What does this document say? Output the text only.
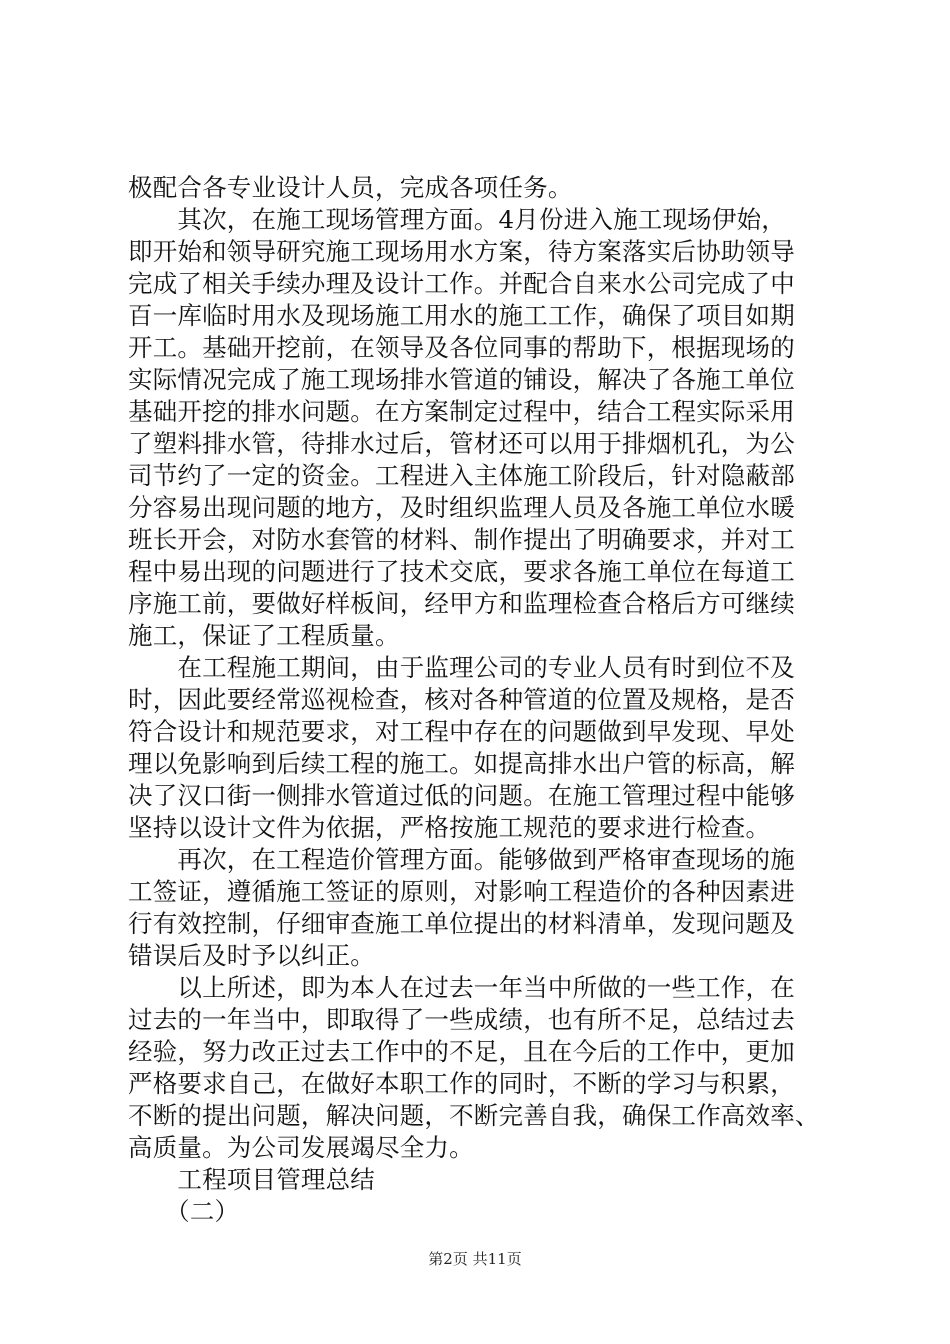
极配合各专业设计人员，完成各项任务。
　　其次，在施工现场管理方面。4月份进入施工现场伊始，
即开始和领导研究施工现场用水方案，待方案落实后协助领导
完成了相关手续办理及设计工作。并配合自来水公司完成了中
百一库临时用水及现场施工用水的施工工作，确保了项目如期
开工。基础开挖前，在领导及各位同事的帮助下，根据现场的
实际情况完成了施工现场排水管道的铺设，解决了各施工单位
基础开挖的排水问题。在方案制定过程中，结合工程实际采用
了塑料排水管，待排水过后，管材还可以用于排烟机孔，为公
司节约了一定的资金。工程进入主体施工阶段后，针对隐蔽部
分容易出现问题的地方，及时组织监理人员及各施工单位水暖
班长开会，对防水套管的材料、制作提出了明确要求，并对工
程中易出现的问题进行了技术交底，要求各施工单位在每道工
序施工前，要做好样板间，经甲方和监理检查合格后方可继续
施工，保证了工程质量。
　　在工程施工期间，由于监理公司的专业人员有时到位不及
时，因此要经常巡视检查，核对各种管道的位置及规格，是否
符合设计和规范要求，对工程中存在的问题做到早发现、早处
理以免影响到后续工程的施工。如提高排水出户管的标高，解
决了汉口街一侧排水管道过低的问题。在施工管理过程中能够
坚持以设计文件为依据，严格按施工规范的要求进行检查。
　　再次，在工程造价管理方面。能够做到严格审查现场的施
工签证，遵循施工签证的原则，对影响工程造价的各种因素进
行有效控制，仔细审查施工单位提出的材料清单，发现问题及
错误后及时予以纠正。
　　以上所述，即为本人在过去一年当中所做的一些工作，在
过去的一年当中，即取得了一些成绩，也有所不足，总结过去
经验，努力改正过去工作中的不足，且在今后的工作中，更加
严格要求自己，在做好本职工作的同时，不断的学习与积累，
不断的提出问题，解决问题，不断完善自我，确保工作高效率、
高质量。为公司发展竭尽全力。
　　工程项目管理总结
　　（二）
第2页 共11页
